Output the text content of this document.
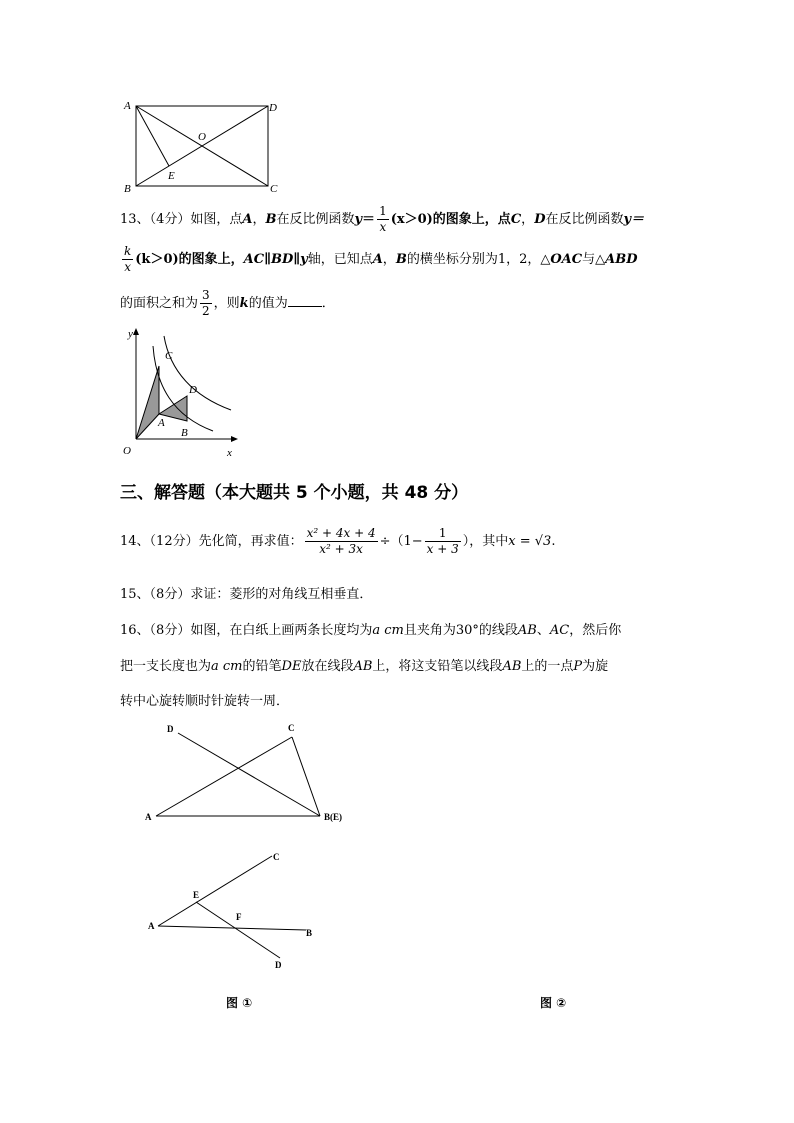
A	D
O
E
B	C
13、（4分）如图，点A，B在反比例函数$y= \frac{1}{x} (x>0)$的图象上，点C，D在反比例函数y＝
$\frac{k}{x} (k>0)$的图象上，AC∥BD∥y轴，已知点A，B的横坐标分别为1，2，△OAC与△ABD
的面积之和为 $\frac{3}{2}$ ，则k的值为	．
y
x
O
A
B
C
D
三、解答题（本大题共 5 个小题，共 48 分）
14、（12分）先化简，再求值： $\frac{\text{x² + 4x + 4}}{\text{x² + 3x}} \div(1- \frac{1}{x + 3}$ ），其中x = √3.
15、（8分）求证：菱形的对角线互相垂直．
16、（8分）如图，在白纸上画两条长度均为a cm且夹角为30°的线段AB、AC，然后你
把一支长度也为a cm的铅笔DE放在线段AB上，将这支铅笔以线段AB上的一点P为旋
转中心旋转顺时针旋转一周．
D	C
A	B(E)
C
E
F
A
B
D
图 ①	图 ②
